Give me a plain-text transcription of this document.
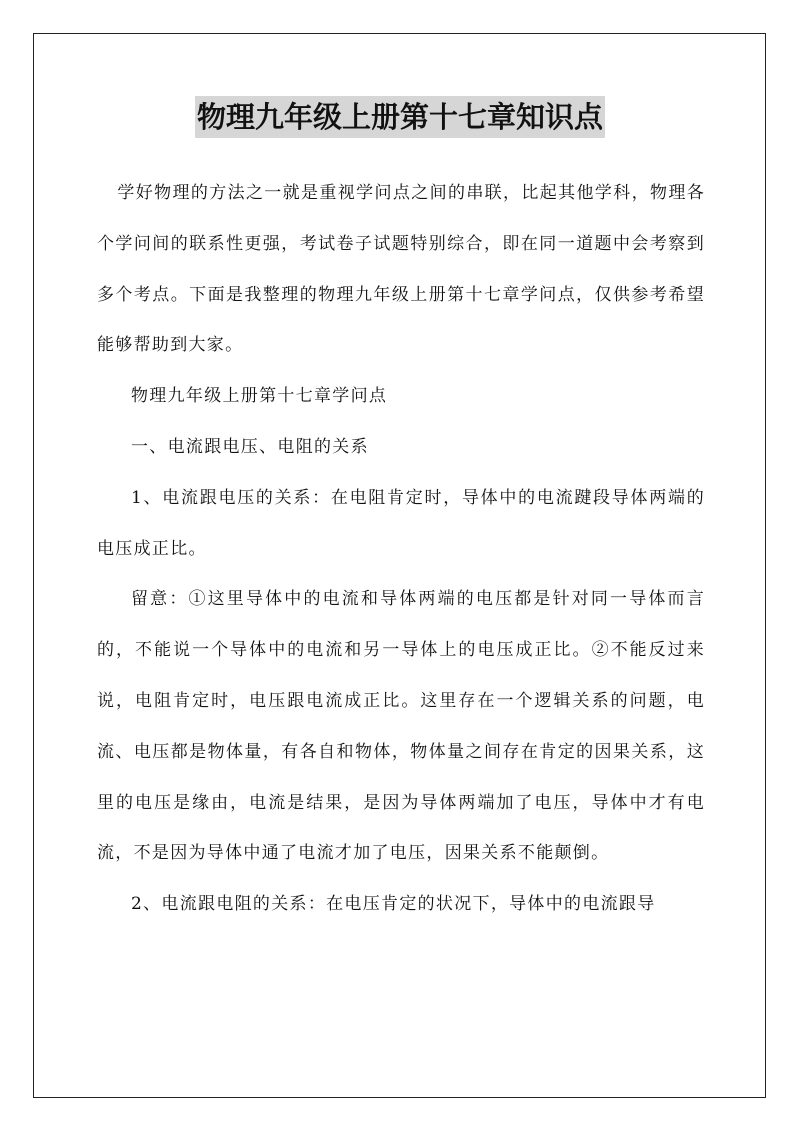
物理九年级上册第十七章知识点

学好物理的方法之一就是重视学问点之间的串联，比起其他学科，物理各个学问间的联系性更强，考试卷子试题特别综合，即在同一道题中会考察到多个考点。下面是我整理的物理九年级上册第十七章学问点，仅供参考希望能够帮助到大家。

物理九年级上册第十七章学问点

一、电流跟电压、电阻的关系

1、电流跟电压的关系：在电阻肯定时，导体中的电流踺段导体两端的电压成正比。

留意：①这里导体中的电流和导体两端的电压都是针对同一导体而言的，不能说一个导体中的电流和另一导体上的电压成正比。②不能反过来说，电阻肯定时，电压跟电流成正比。这里存在一个逻辑关系的问题，电流、电压都是物体量，有各自和物体，物体量之间存在肯定的因果关系，这里的电压是缘由，电流是结果，是因为导体两端加了电压，导体中才有电流，不是因为导体中通了电流才加了电压，因果关系不能颠倒。

2、电流跟电阻的关系：在电压肯定的状况下，导体中的电流跟导
